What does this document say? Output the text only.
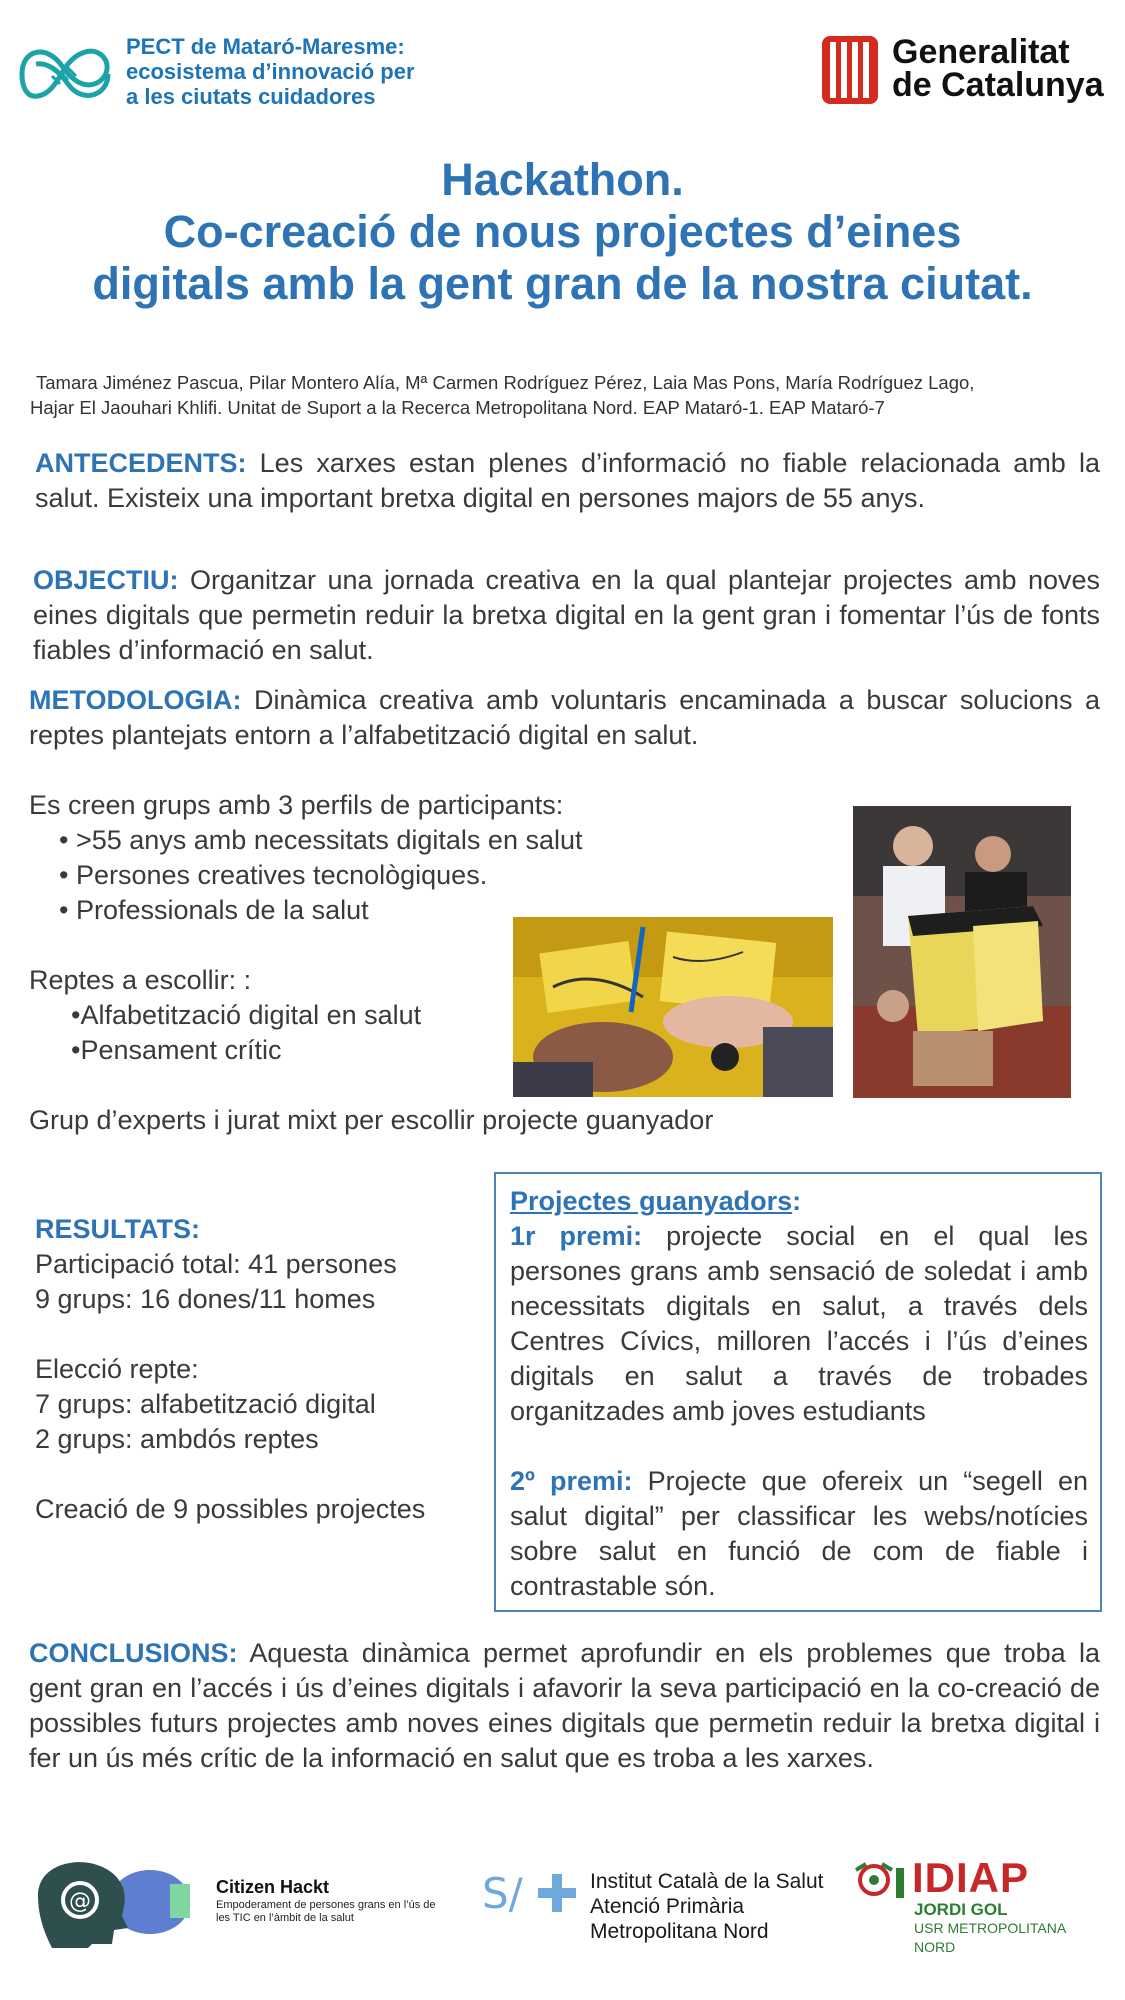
PECT de Mataró-Maresme:
ecosistema d’innovació per
a les ciutats cuidadores
Generalitat
de Catalunya
Hackathon.
Co-creació de nous projectes d’eines
digitals amb la gent gran de la nostra ciutat.
Tamara Jiménez Pascua, Pilar Montero Alía, Mª Carmen Rodríguez Pérez, Laia Mas Pons, María Rodríguez Lago,
Hajar El Jaouhari Khlifi. Unitat de Suport a la Recerca Metropolitana Nord. EAP Mataró-1. EAP Mataró-7
ANTECEDENTS: Les xarxes estan plenes d’informació no fiable relacionada amb la salut. Existeix una important bretxa digital en persones majors de 55 anys.
OBJECTIU: Organitzar una jornada creativa en la qual plantejar projectes amb noves eines digitals que permetin reduir la bretxa digital en la gent gran i fomentar l’ús de fonts fiables d’informació en salut.
METODOLOGIA: Dinàmica creativa amb voluntaris encaminada a buscar solucions a reptes plantejats entorn a l’alfabetització digital en salut.
Es creen grups amb 3 perfils de participants:
• >55 anys amb necessitats digitals en salut
• Persones creatives tecnològiques.
• Professionals de la salut
Reptes a escollir: :
•Alfabetització digital en salut
•Pensament crític
Grup d’experts i jurat mixt per escollir projecte guanyador
RESULTATS:
Participació total: 41 persones
9 grups: 16 dones/11 homes
Elecció repte:
7 grups: alfabetització digital
2 grups: ambdós reptes
Creació de 9 possibles projectes
Projectes guanyadors:
1r premi: projecte social en el qual les persones grans amb sensació de soledat i amb necessitats digitals en salut, a través dels Centres Cívics, milloren l’accés i l’ús d’eines digitals en salut a través de trobades organitzades amb joves estudiants
2º premi: Projecte que ofereix un “segell en salut digital” per classificar les webs/notícies sobre salut en funció de com de fiable i contrastable són.
CONCLUSIONS: Aquesta dinàmica permet aprofundir en els problemes que troba la gent gran en l’accés i ús d’eines digitals i afavorir la seva participació en la co-creació de possibles futurs projectes amb noves eines digitals que permetin reduir la bretxa digital i fer un ús més crític de la informació en salut que es troba a les xarxes.
@
Citizen Hackt
Empoderament de persones grans en l’ús de les TIC en l’àmbit de la salut	S/	Institut Català de la Salut
Atenció Primària
Metropolitana Nord
IDIAP
JORDI GOL
USR METROPOLITANA
NORD
